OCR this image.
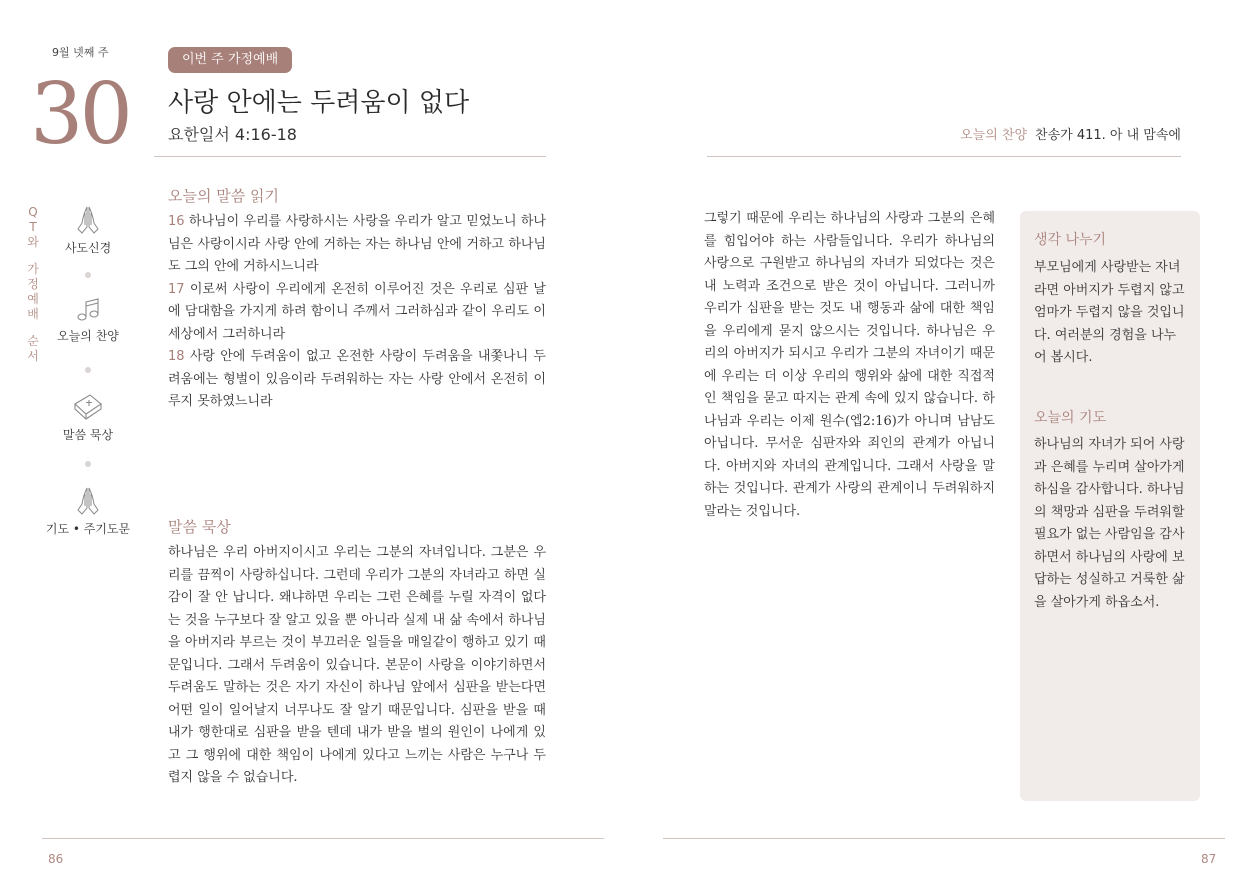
9월 넷째 주
30
이번 주 가정예배
사랑 안에는 두려움이 없다
요한일서 4:16-18	오늘의 찬양 찬송가 411. 아 내 맘속에
Q
T
와
가
정
예
배
순
서
사도신경
오늘의 찬양
말씀 묵상
기도 • 주기도문
오늘의 말씀 읽기
16 하나님이 우리를 사랑하시는 사랑을 우리가 알고 믿었노니 하나님은 사랑이시라 사랑 안에 거하는 자는 하나님 안에 거하고 하나님도 그의 안에 거하시느니라
17 이로써 사랑이 우리에게 온전히 이루어진 것은 우리로 심판 날에 담대함을 가지게 하려 함이니 주께서 그러하심과 같이 우리도 이 세상에서 그러하니라
18 사랑 안에 두려움이 없고 온전한 사랑이 두려움을 내쫓나니 두려움에는 형벌이 있음이라 두려워하는 자는 사랑 안에서 온전히 이루지 못하였느니라
말씀 묵상
하나님은 우리 아버지이시고 우리는 그분의 자녀입니다. 그분은 우리를 끔찍이 사랑하십니다. 그런데 우리가 그분의 자녀라고 하면 실감이 잘 안 납니다. 왜냐하면 우리는 그런 은혜를 누릴 자격이 없다는 것을 누구보다 잘 알고 있을 뿐 아니라 실제 내 삶 속에서 하나님을 아버지라 부르는 것이 부끄러운 일들을 매일같이 행하고 있기 때문입니다. 그래서 두려움이 있습니다. 본문이 사랑을 이야기하면서 두려움도 말하는 것은 자기 자신이 하나님 앞에서 심판을 받는다면 어떤 일이 일어날지 너무나도 잘 알기 때문입니다. 심판을 받을 때 내가 행한대로 심판을 받을 텐데 내가 받을 벌의 원인이 나에게 있고 그 행위에 대한 책임이 나에게 있다고 느끼는 사람은 누구나 두렵지 않을 수 없습니다.
그렇기 때문에 우리는 하나님의 사랑과 그분의 은혜를 힘입어야 하는 사람들입니다. 우리가 하나님의 사랑으로 구원받고 하나님의 자녀가 되었다는 것은 내 노력과 조건으로 받은 것이 아닙니다. 그러니까 우리가 심판을 받는 것도 내 행동과 삶에 대한 책임을 우리에게 묻지 않으시는 것입니다. 하나님은 우리의 아버지가 되시고 우리가 그분의 자녀이기 때문에 우리는 더 이상 우리의 행위와 삶에 대한 직접적인 책임을 묻고 따지는 관계 속에 있지 않습니다. 하나님과 우리는 이제 원수(엡2:16)가 아니며 남남도 아닙니다. 무서운 심판자와 죄인의 관계가 아닙니다. 아버지와 자녀의 관계입니다. 그래서 사랑을 말하는 것입니다. 관계가 사랑의 관계이니 두려워하지 말라는 것입니다.
생각 나누기
부모님에게 사랑받는 자녀라면 아버지가 두렵지 않고 엄마가 두렵지 않을 것입니다. 여러분의 경험을 나누어 봅시다.
오늘의 기도
하나님의 자녀가 되어 사랑과 은혜를 누리며 살아가게 하심을 감사합니다. 하나님의 책망과 심판을 두려워할 필요가 없는 사람임을 감사하면서 하나님의 사랑에 보답하는 성실하고 거룩한 삶을 살아가게 하옵소서.
86	87
